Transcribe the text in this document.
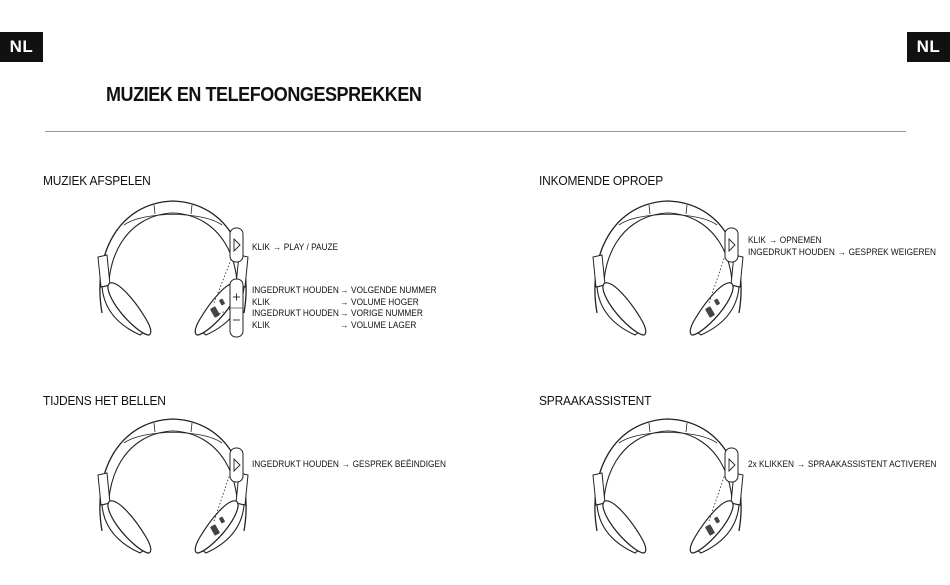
NL	NL
MUZIEK EN TELEFOONGESPREKKEN
MUZIEK AFSPELEN
KLIK → PLAY / PAUZE
INGEDRUKT HOUDEN → VOLGENDE NUMMER
KLIK	→ VOLUME HOGER
INGEDRUKT HOUDEN → VORIGE NUMMER
KLIK	→ VOLUME LAGER
INKOMENDE OPROEP
KLIK → OPNEMEN
INGEDRUKT HOUDEN → GESPREK WEIGEREN
TIJDENS HET BELLEN
INGEDRUKT HOUDEN → GESPREK BEËINDIGEN
SPRAAKASSISTENT
2x KLIKKEN → SPRAAKASSISTENT ACTIVEREN
